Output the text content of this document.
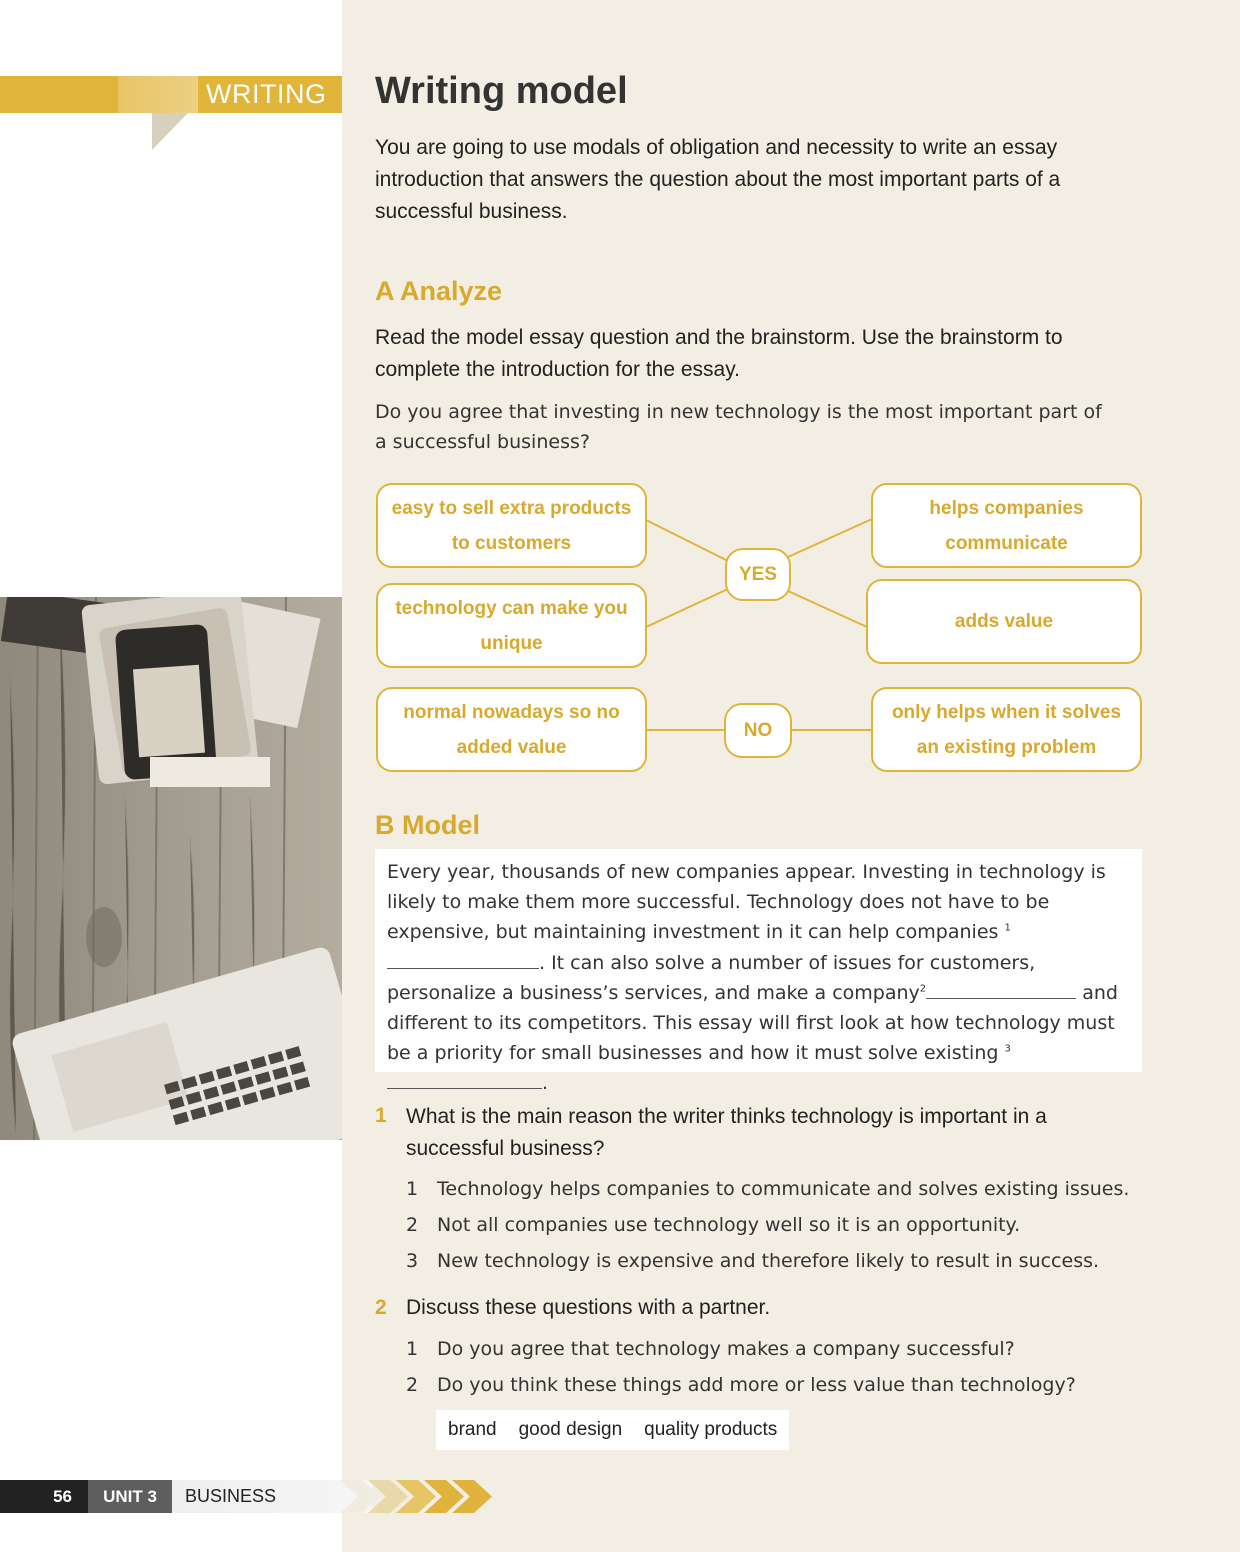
WRITING Writing model

You are going to use modals of obligation and necessity to write an essay introduction that answers the question about the most important parts of a successful business.

A Analyze

Read the model essay question and the brainstorm. Use the brainstorm to complete the introduction for the essay.

Do you agree that investing in new technology is the most important part of a successful business?

easy to sell extra products to customers
technology can make you unique
helps companies communicate
adds value
YES
normal nowadays so no added value
only helps when it solves an existing problem
NO
B Model
Every year, thousands of new companies appear. Investing in technology is likely to make them more successful. Technology does not have to be expensive, but maintaining investment in it can help companies $^1$. It can also solve a number of issues for customers, personalize a business’s services, and make a company$^2$	and different to its competitors. This essay will first look at how technology must be a priority for small businesses and how it must solve existing $^3$.
1 What is the main reason the writer thinks technology is important in a successful business?
1 Technology helps companies to communicate and solves existing issues.
2 Not all companies use technology well so it is an opportunity.
3 New technology is expensive and therefore likely to result in success.
2 Discuss these questions with a partner.
1 Do you agree that technology makes a company successful?
2 Do you think these things add more or less value than technology?
brand good design quality products
56	UNIT 3	BUSINESS
